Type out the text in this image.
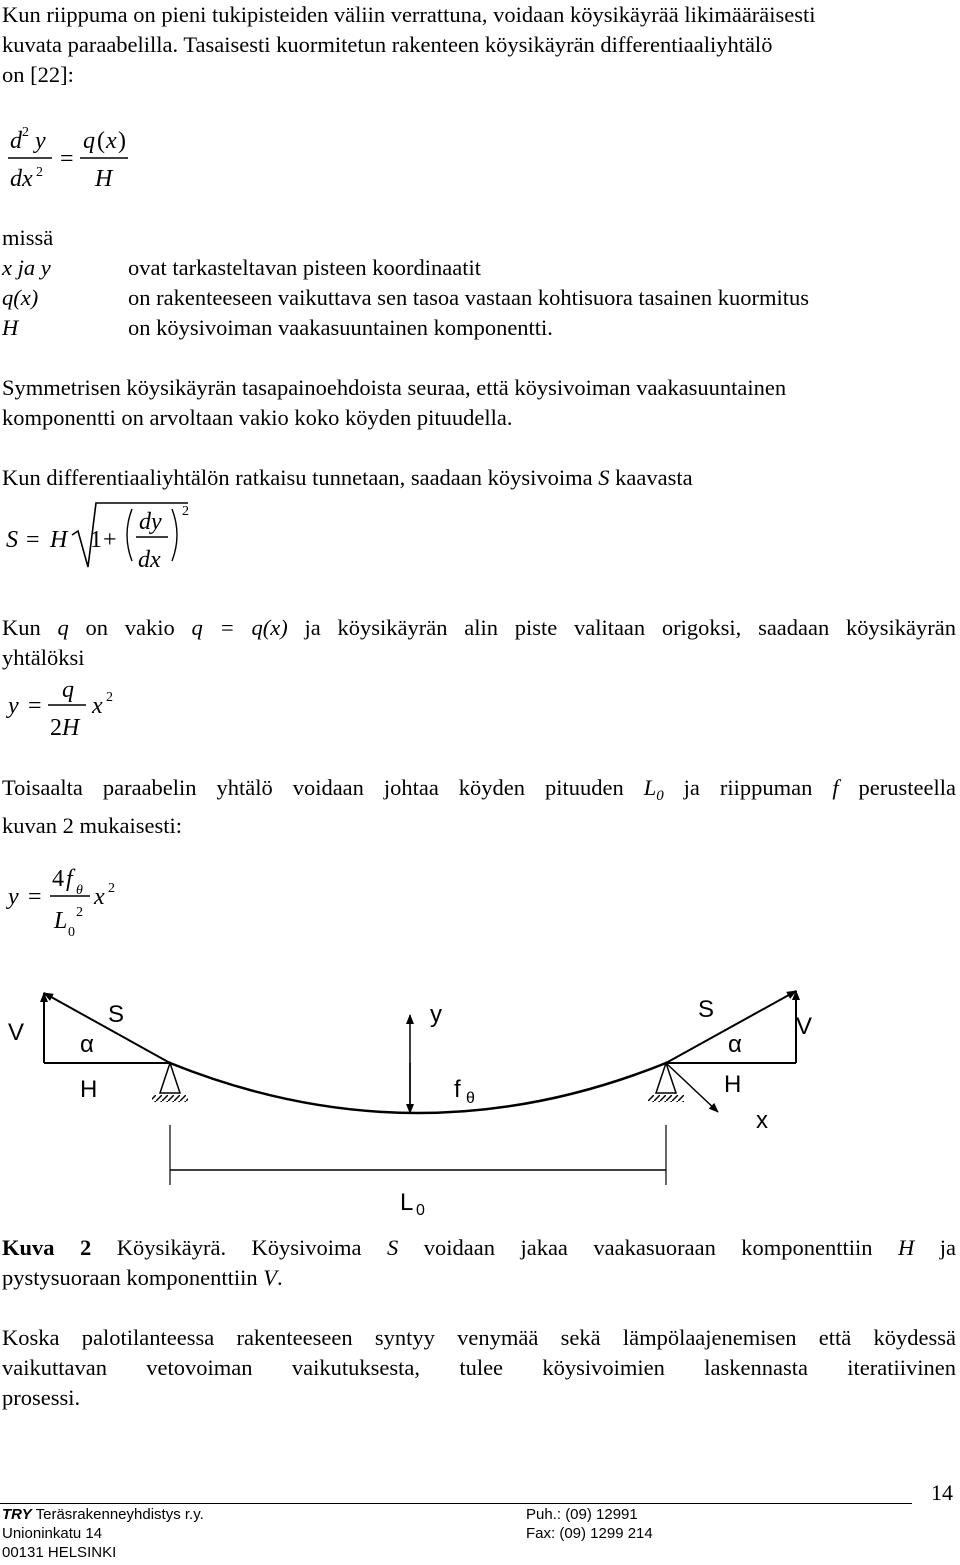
Kun riippuma on pieni tukipisteiden väliin verrattuna, voidaan köysikäyrää likimääräisesti
kuvata paraabelilla. Tasaisesti kuormitetun rakenteen köysikäyrän differentiaaliyhtälö
on [22]:
d 2 y
dx 2
=
q ( x )
H
missä
x ja y	ovat tarkasteltavan pisteen koordinaatit
q(x)	on rakenteeseen vaikuttava sen tasoa vastaan kohtisuora tasainen kuormitus
H	on köysivoiman vaakasuuntainen komponentti.
Symmetrisen köysikäyrän tasapainoehdoista seuraa, että köysivoiman vaakasuuntainen
komponentti on arvoltaan vakio koko köyden pituudella.
Kun differentiaaliyhtälön ratkaisu tunnetaan, saadaan köysivoima S kaavasta
S = H 1 +
dy
dx
2
Kun q on vakio q = q(x) ja köysikäyrän alin piste valitaan origoksi, saadaan köysikäyrän
yhtälöksi
y =
q
2 H
x 2
Toisaalta paraabelin yhtälö voidaan johtaa köyden pituuden $L_0$ ja riippuman f perusteella
kuvan 2 mukaisesti:
y =
4 f θ
L 0
2
x 2
V
S
α
H
y
f θ
S
α
V
H
x
L 0
Kuva 2 Köysikäyrä. Köysivoima S voidaan jakaa vaakasuoraan komponenttiin H ja
pystysuoraan komponenttiin V.
Koska palotilanteessa rakenteeseen syntyy venymää sekä lämpölaajenemisen että köydessä
vaikuttavan vetovoiman vaikutuksesta, tulee köysivoimien laskennasta iteratiivinen
prosessi.
14
TRY Teräsrakenneyhdistys r.y.
Unioninkatu 14
00131 HELSINKI
Puh.: (09) 12991
Fax: (09) 1299 214
